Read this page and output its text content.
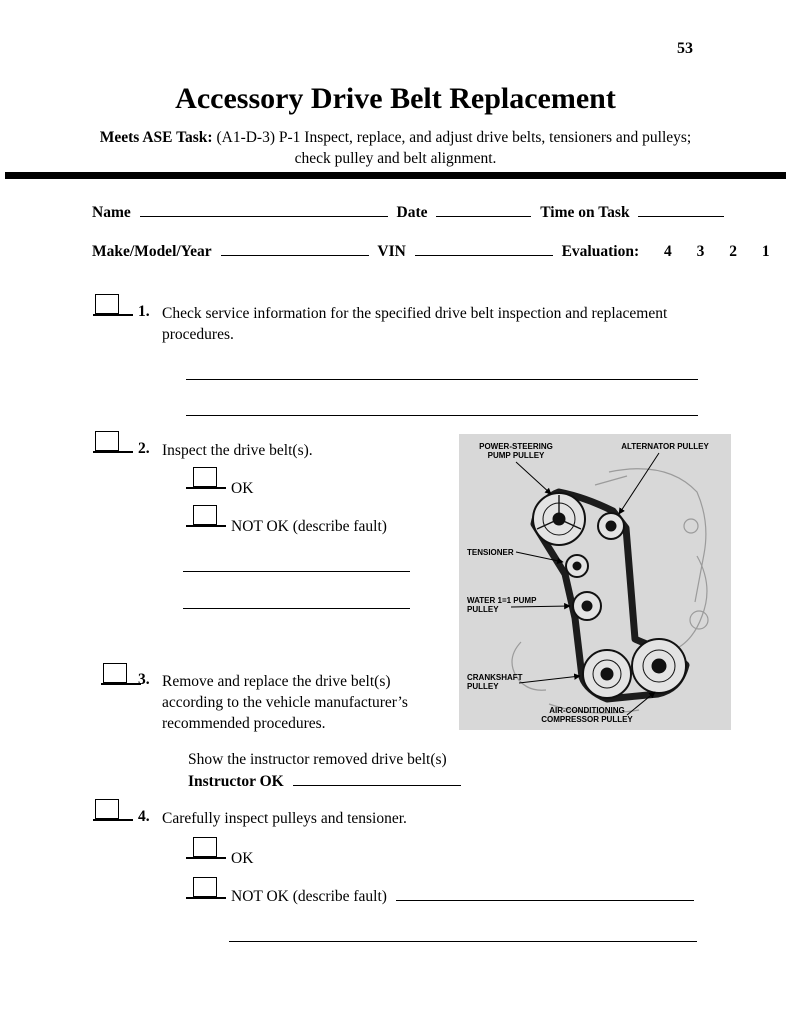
53
Accessory Drive Belt Replacement
Meets ASE Task: (A1-D-3) P-1 Inspect, replace, and adjust drive belts, tensioners and pulleys;
check pulley and belt alignment.
Name	Date	Time on Task
Make/Model/Year	VIN	Evaluation: 4 3 2 1
1. Check service information for the specified drive belt inspection and replacement procedures.
2. Inspect the drive belt(s).
OK
NOT OK (describe fault)
POWER-STEERING
PUMP PULLEY
ALTERNATOR PULLEY
TENSIONER
WATER 1=1 PUMP
PULLEY
CRANKSHAFT
PULLEY
AIR-CONDITIONING
COMPRESSOR PULLEY
3. Remove and replace the drive belt(s) according to the vehicle manufacturer’s recommended procedures.
Show the instructor removed drive belt(s)
Instructor OK
4. Carefully inspect pulleys and tensioner.
OK
NOT OK (describe fault)
